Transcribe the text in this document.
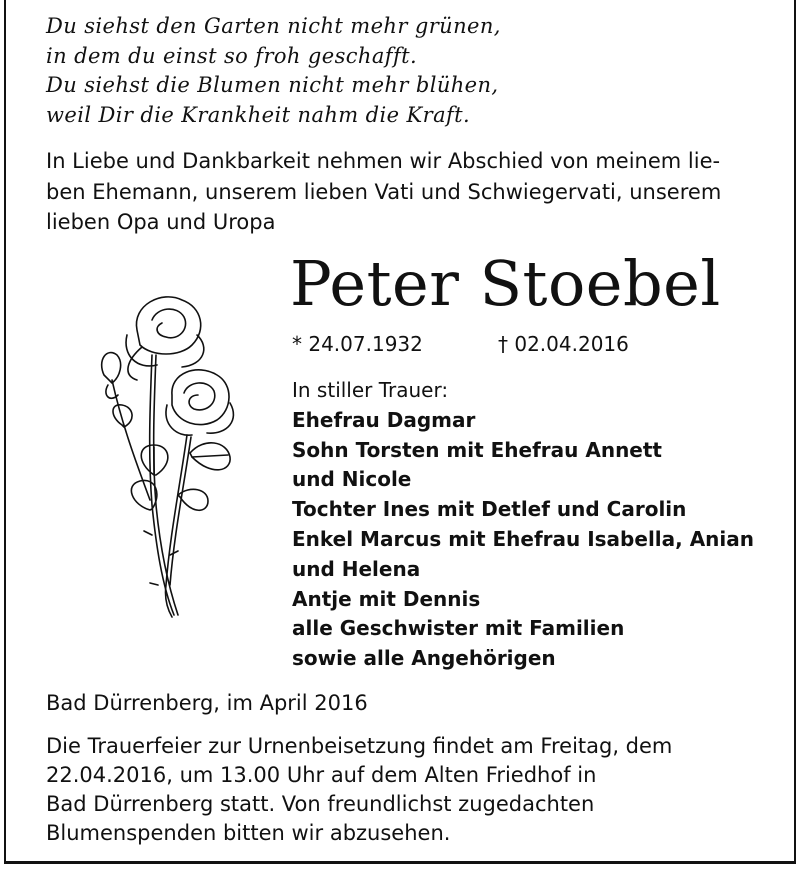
Du siehst den Garten nicht mehr grünen,
in dem du einst so froh geschafft.
Du siehst die Blumen nicht mehr blühen,
weil Dir die Krankheit nahm die Kraft.
In Liebe und Dankbarkeit nehmen wir Abschied von meinem lie-
ben Ehemann, unserem lieben Vati und Schwiegervati, unserem
lieben Opa und Uropa
Peter Stoebel
* 24.07.1932	† 02.04.2016
In stiller Trauer:
Ehefrau Dagmar
Sohn Torsten mit Ehefrau Annett
und Nicole
Tochter Ines mit Detlef und Carolin
Enkel Marcus mit Ehefrau Isabella, Anian
und Helena
Antje mit Dennis
alle Geschwister mit Familien
sowie alle Angehörigen
Bad Dürrenberg, im April 2016
Die Trauerfeier zur Urnenbeisetzung findet am Freitag, dem
22.04.2016, um 13.00 Uhr auf dem Alten Friedhof in
Bad Dürrenberg statt. Von freundlichst zugedachten
Blumenspenden bitten wir abzusehen.
